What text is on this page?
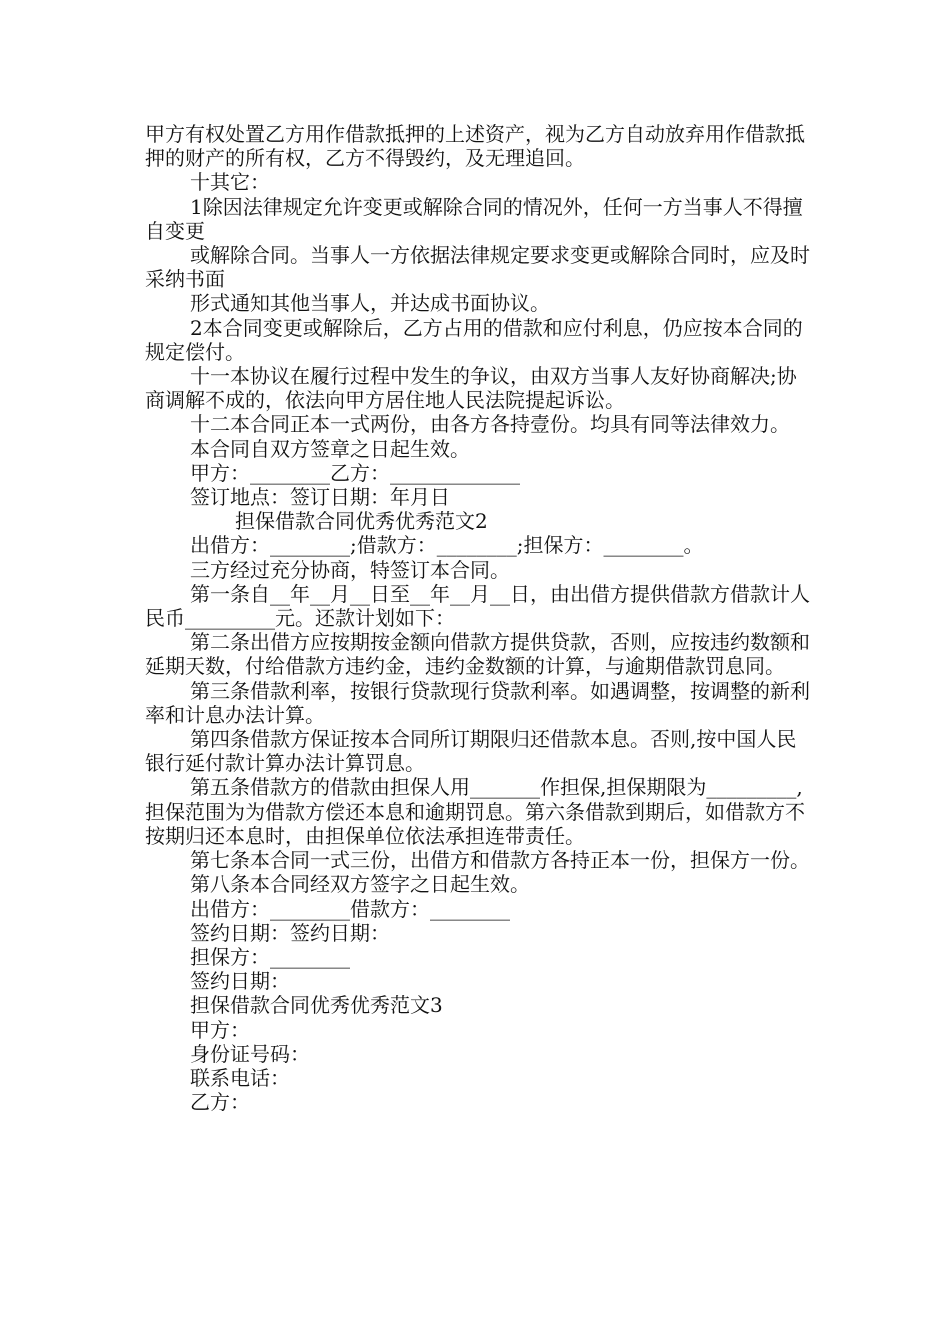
甲方有权处置乙方用作借款抵押的上述资产，视为乙方自动放弃用作借款抵押的财产的所有权，乙方不得毁约，及无理追回。

十其它：

1除因法律规定允许变更或解除合同的情况外，任何一方当事人不得擅自变更

或解除合同。当事人一方依据法律规定要求变更或解除合同时，应及时采纳书面

形式通知其他当事人，并达成书面协议。

2本合同变更或解除后，乙方占用的借款和应付利息，仍应按本合同的规定偿付。

十一本协议在履行过程中发生的争议，由双方当事人友好协商解决;协商调解不成的，依法向甲方居住地人民法院提起诉讼。

十二本合同正本一式两份，由各方各持壹份。均具有同等法律效力。

本合同自双方签章之日起生效。

甲方：________乙方：_____________

签订地点：签订日期：年月日

担保借款合同优秀优秀范文2

出借方：________;借款方：________;担保方：________。

三方经过充分协商，特签订本合同。

第一条自__年__月__日至__年__月__日，由出借方提供借款方借款计人民币_________元。还款计划如下：

第二条出借方应按期按金额向借款方提供贷款，否则，应按违约数额和延期天数，付给借款方违约金，违约金数额的计算，与逾期借款罚息同。

第三条借款利率，按银行贷款现行贷款利率。如遇调整，按调整的新利率和计息办法计算。

第四条借款方保证按本合同所订期限归还借款本息。否则,按中国人民银行延付款计算办法计算罚息。

第五条借款方的借款由担保人用_______作担保,担保期限为_________,担保范围为为借款方偿还本息和逾期罚息。第六条借款到期后，如借款方不按期归还本息时，由担保单位依法承担连带责任。

第七条本合同一式三份，出借方和借款方各持正本一份，担保方一份。

第八条本合同经双方签字之日起生效。

出借方：________借款方：________

签约日期：签约日期：

担保方：________

签约日期：

担保借款合同优秀优秀范文3

甲方：

身份证号码：

联系电话：

乙方：
